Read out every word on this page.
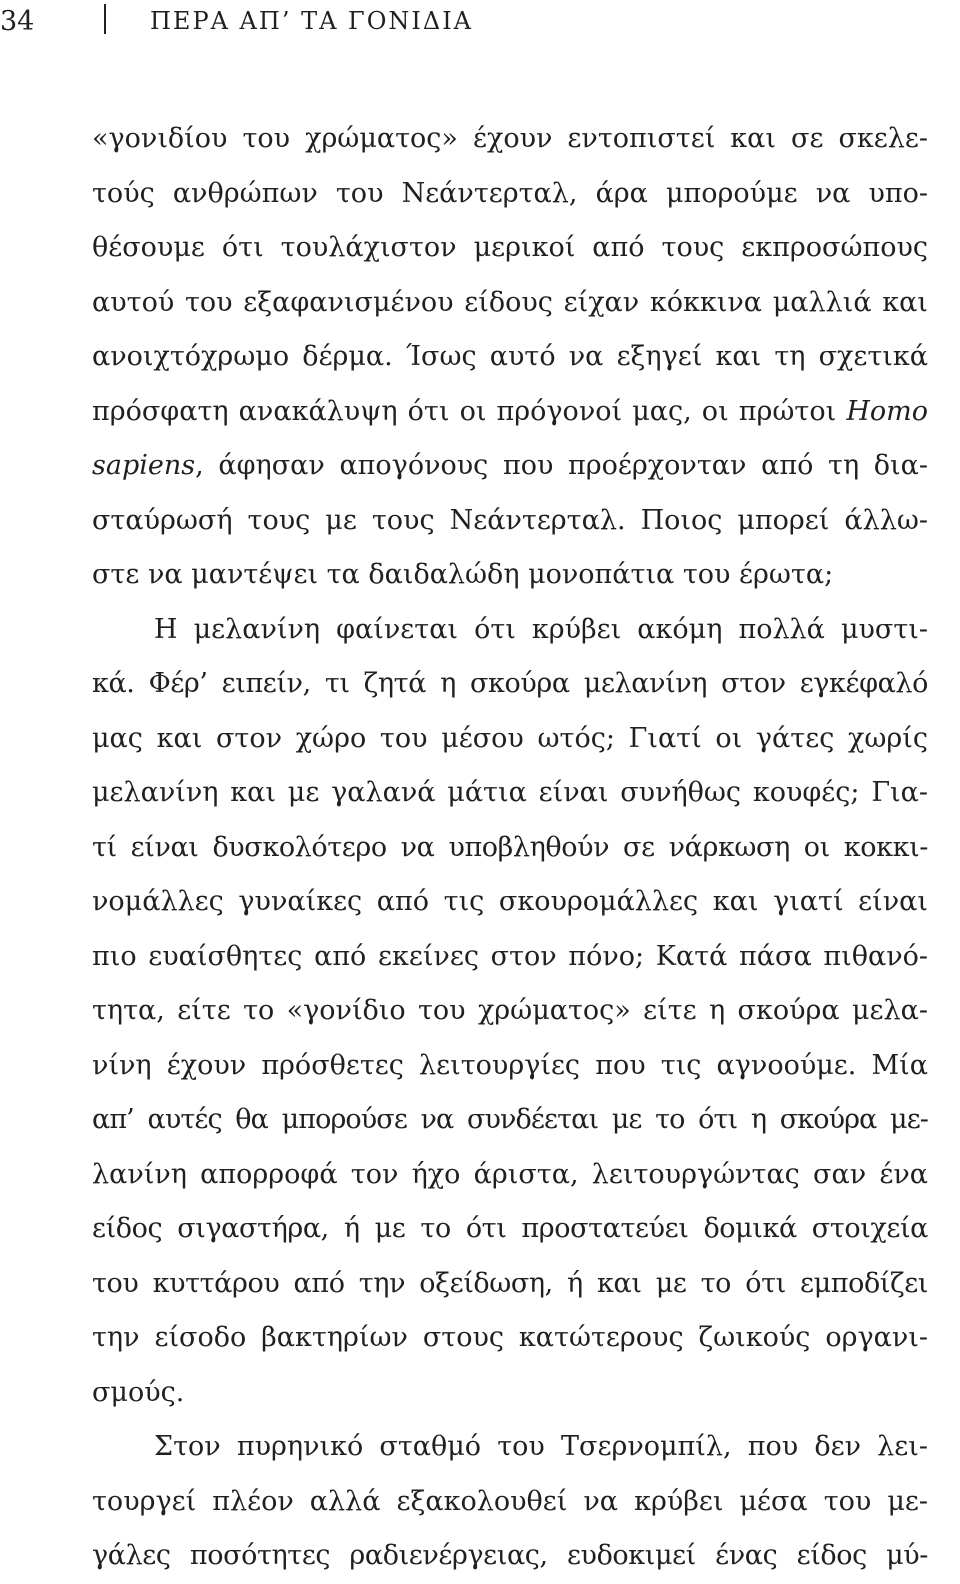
34	ΠΕΡΑ ΑΠ’ ΤΑ ΓΟΝΙΔΙΑ
«γονιδίου του χρώματος» έχουν εντοπιστεί και σε σκελε-
τούς ανθρώπων του Νεάντερταλ, άρα μπορούμε να υπο-
θέσουμε ότι τουλάχιστον μερικοί από τους εκπροσώπους
αυτού του εξαφανισμένου είδους είχαν κόκκινα μαλλιά και
ανοιχτόχρωμο δέρμα. Ίσως αυτό να εξηγεί και τη σχετικά
πρόσφατη ανακάλυψη ότι οι πρόγονοί μας, οι πρώτοι Homo
sapiens, άφησαν απογόνους που προέρχονταν από τη δια-
σταύρωσή τους με τους Νεάντερταλ. Ποιος μπορεί άλλω-
στε να μαντέψει τα δαιδαλώδη μονοπάτια του έρωτα;
Η μελανίνη φαίνεται ότι κρύβει ακόμη πολλά μυστι-
κά. Φέρ’ ειπείν, τι ζητά η σκούρα μελανίνη στον εγκέφαλό
μας και στον χώρο του μέσου ωτός; Γιατί οι γάτες χωρίς
μελανίνη και με γαλανά μάτια είναι συνήθως κουφές; Για-
τί είναι δυσκολότερο να υποβληθούν σε νάρκωση οι κοκκι-
νομάλλες γυναίκες από τις σκουρομάλλες και γιατί είναι
πιο ευαίσθητες από εκείνες στον πόνο; Κατά πάσα πιθανό-
τητα, είτε το «γονίδιο του χρώματος» είτε η σκούρα μελα-
νίνη έχουν πρόσθετες λειτουργίες που τις αγνοούμε. Μία
απ’ αυτές θα μπορούσε να συνδέεται με το ότι η σκούρα με-
λανίνη απορροφά τον ήχο άριστα, λειτουργώντας σαν ένα
είδος σιγαστήρα, ή με το ότι προστατεύει δομικά στοιχεία
του κυττάρου από την οξείδωση, ή και με το ότι εμποδίζει
την είσοδο βακτηρίων στους κατώτερους ζωικούς οργανι-
σμούς.
Στον πυρηνικό σταθμό του Τσερνομπίλ, που δεν λει-
τουργεί πλέον αλλά εξακολουθεί να κρύβει μέσα του με-
γάλες ποσότητες ραδιενέργειας, ευδοκιμεί ένας είδος μύ-
